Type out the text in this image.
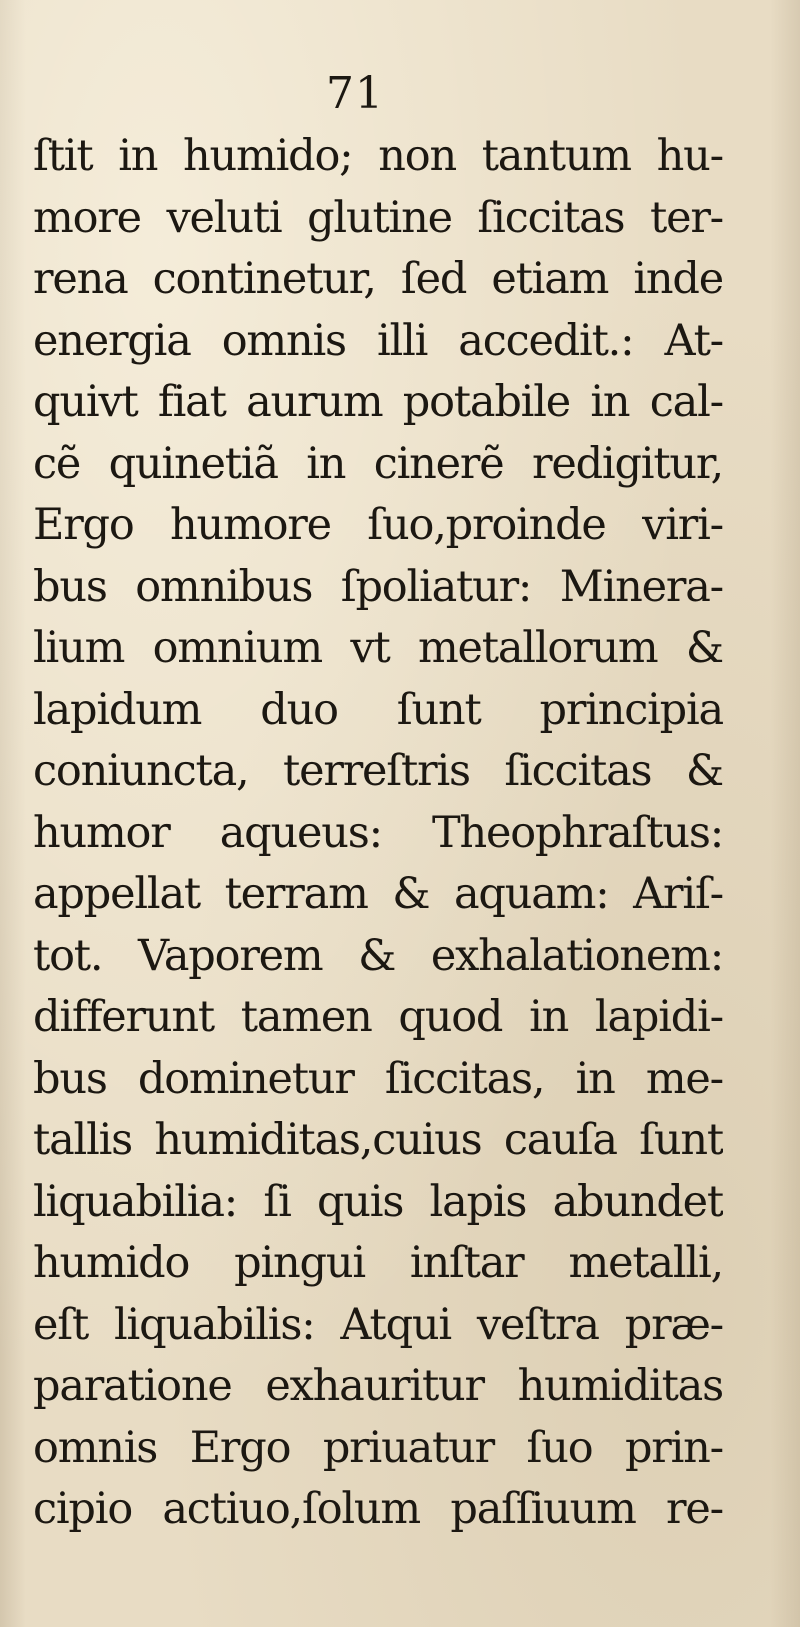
71
ſtit in humido; non tantum hu-
more veluti glutine ſiccitas ter-
rena continetur, ſed etiam inde
energia omnis illi accedit.: At-
quivt fiat aurum potabile in cal-
cẽ quinetiã in cinerẽ redigitur,
Ergo humore ſuo,proinde viri-
bus omnibus ſpoliatur: Minera-
lium omnium vt metallorum &
lapidum duo ſunt principia
coniuncta, terreſtris ſiccitas &
humor aqueus: Theophraſtus:
appellat terram & aquam: Ariſ-
tot. Vaporem & exhalationem:
differunt tamen quod in lapidi-
bus dominetur ſiccitas, in me-
tallis humiditas,cuius cauſa ſunt
liquabilia: ſi quis lapis abundet
humido pingui inſtar metalli,
eſt liquabilis: Atqui veſtra præ-
paratione exhauritur humiditas
omnis Ergo priuatur ſuo prin-
cipio actiuo,ſolum paſſiuum re-
